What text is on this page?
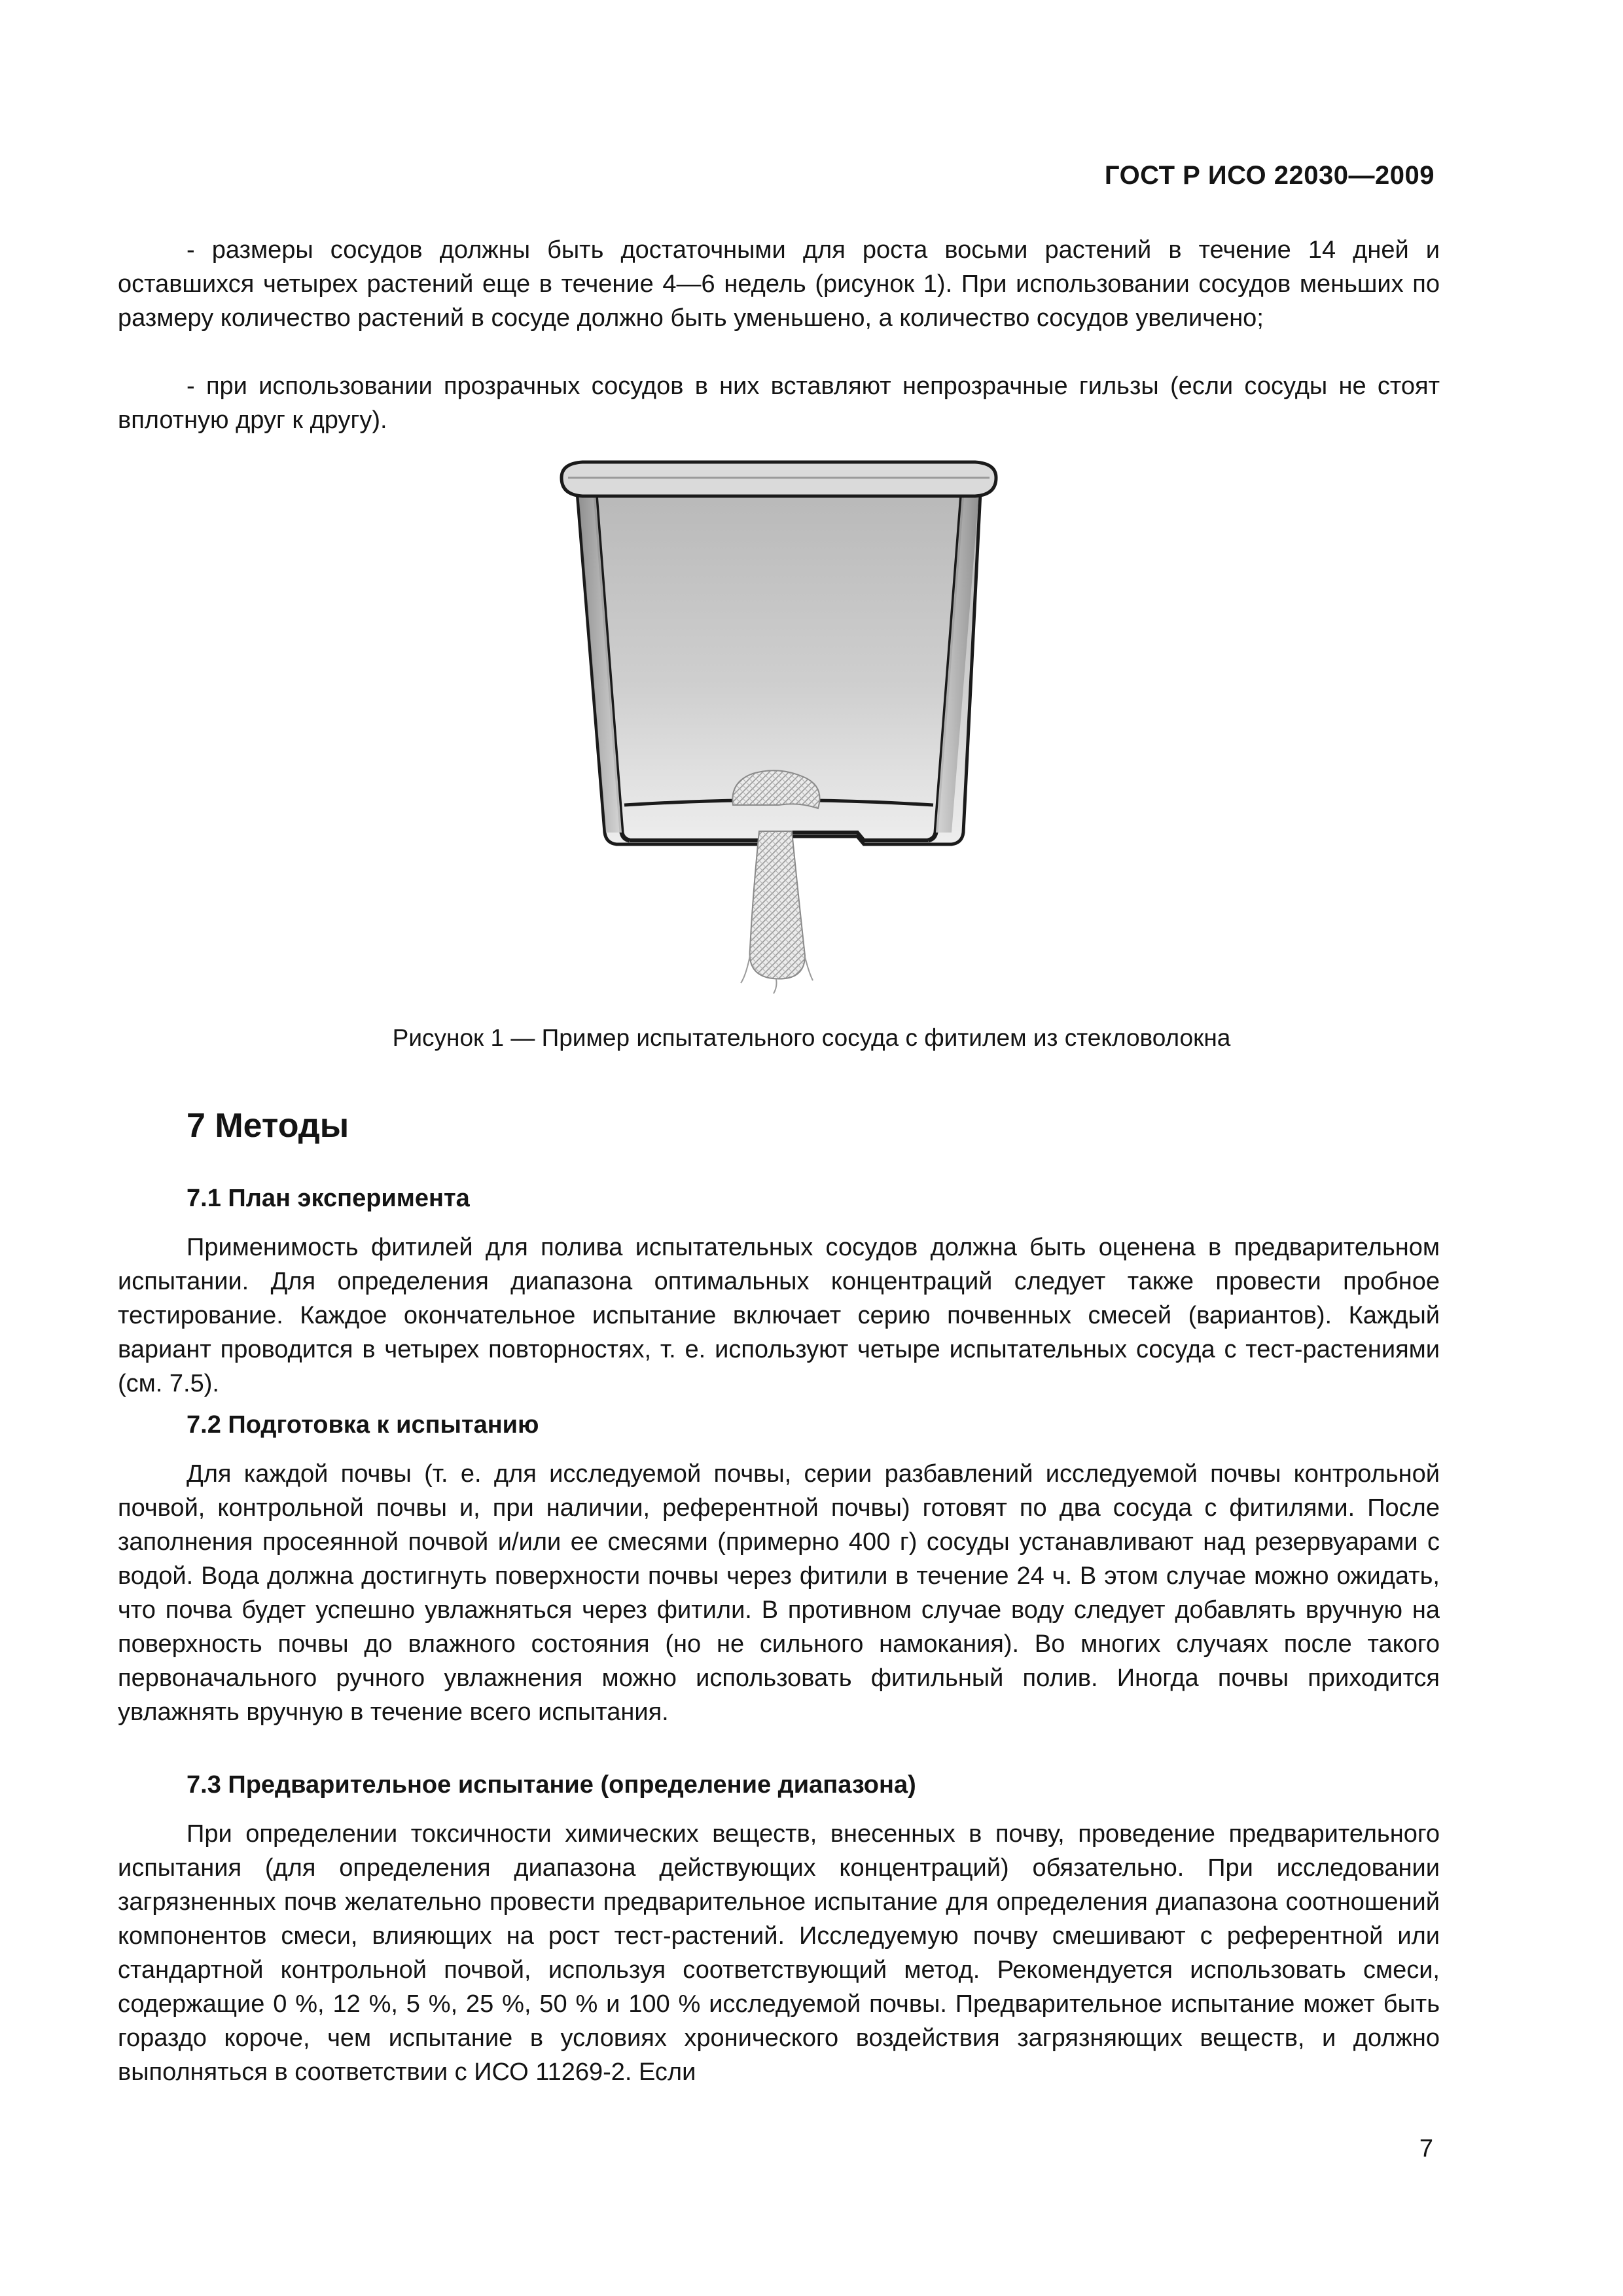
ГОСТ Р ИСО 22030—2009

- размеры сосудов должны быть достаточными для роста восьми растений в течение 14 дней и оставшихся четырех растений еще в течение 4—6 недель (рисунок 1). При использовании сосудов меньших по размеру количество растений в сосуде должно быть уменьшено, а количество сосудов увеличено;

- при использовании прозрачных сосудов в них вставляют непрозрачные гильзы (если сосуды не стоят вплотную друг к другу).

Рисунок 1 — Пример испытательного сосуда с фитилем из стекловолокна
7 Методы
7.1 План эксперимента

Применимость фитилей для полива испытательных сосудов должна быть оценена в предварительном испытании. Для определения диапазона оптимальных концентраций следует также провести пробное тестирование. Каждое окончательное испытание включает серию почвенных смесей (вариантов). Каждый вариант проводится в четырех повторностях, т. е. используют четыре испытательных сосуда с тест-растениями (см. 7.5).

7.2 Подготовка к испытанию

Для каждой почвы (т. е. для исследуемой почвы, серии разбавлений исследуемой почвы контрольной почвой, контрольной почвы и, при наличии, референтной почвы) готовят по два сосуда с фитилями. После заполнения просеянной почвой и/или ее смесями (примерно 400 г) сосуды устанавливают над резервуарами с водой. Вода должна достигнуть поверхности почвы через фитили в течение 24 ч. В этом случае можно ожидать, что почва будет успешно увлажняться через фитили. В противном случае воду следует добавлять вручную на поверхность почвы до влажного состояния (но не сильного намокания). Во многих случаях после такого первоначального ручного увлажнения можно использовать фитильный полив. Иногда почвы приходится увлажнять вручную в течение всего испытания.

7.3 Предварительное испытание (определение диапазона)

При определении токсичности химических веществ, внесенных в почву, проведение предварительного испытания (для определения диапазона действующих концентраций) обязательно. При исследовании загрязненных почв желательно провести предварительное испытание для определения диапазона соотношений компонентов смеси, влияющих на рост тест-растений. Исследуемую почву смешивают с референтной или стандартной контрольной почвой, используя соответствующий метод. Рекомендуется использовать смеси, содержащие 0 %, 12 %, 5 %, 25 %, 50 % и 100 % исследуемой почвы. Предварительное испытание может быть гораздо короче, чем испытание в условиях хронического воздействия загрязняющих веществ, и должно выполняться в соответствии с ИСО 11269-2. Если

7
